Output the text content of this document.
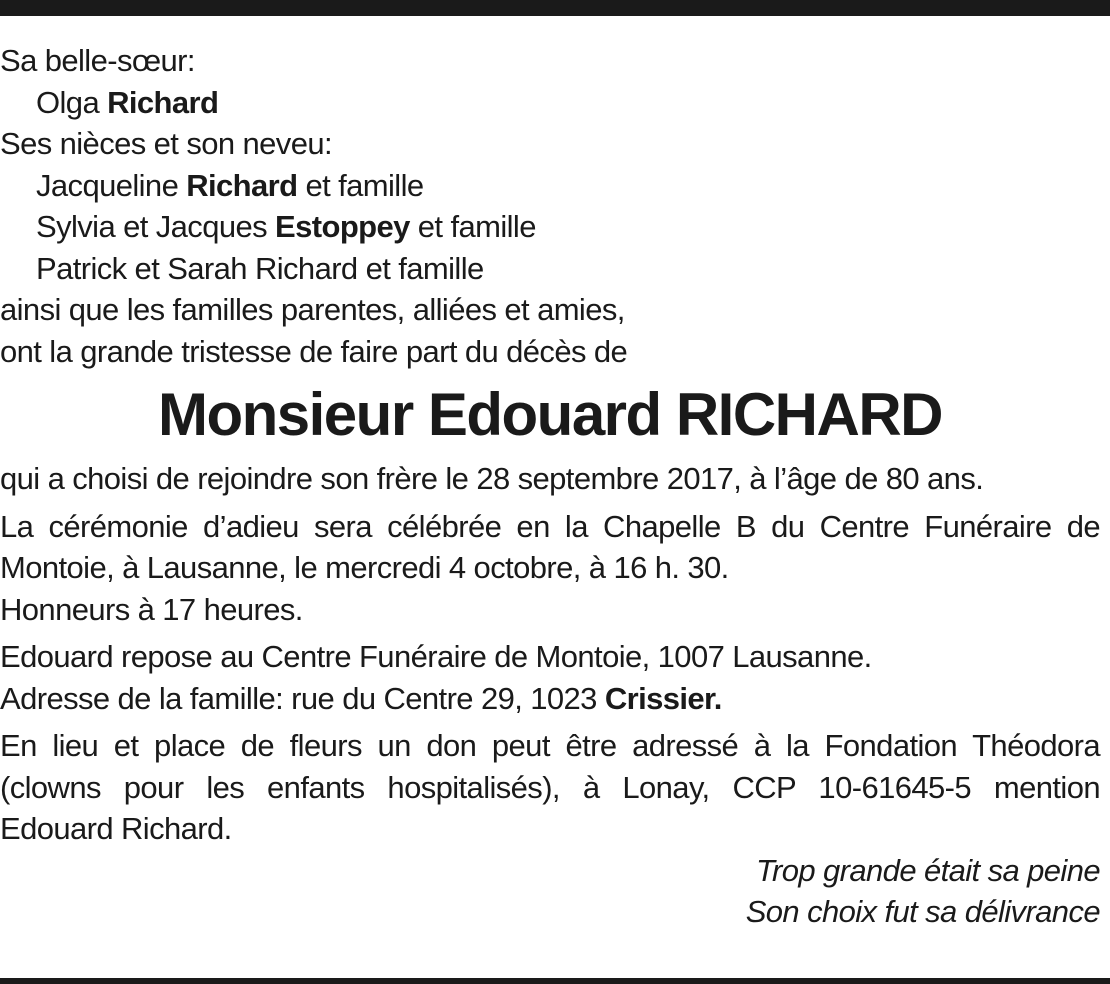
Sa belle-sœur:
Olga Richard
Ses nièces et son neveu:
Jacqueline Richard et famille
Sylvia et Jacques Estoppey et famille
Patrick et Sarah Richard et famille
ainsi que les familles parentes, alliées et amies,
ont la grande tristesse de faire part du décès de
Monsieur Edouard RICHARD
qui a choisi de rejoindre son frère le 28 septembre 2017, à l’âge de 80 ans.
La cérémonie d’adieu sera célébrée en la Chapelle B du Centre Funéraire de
Montoie, à Lausanne, le mercredi 4 octobre, à 16 h. 30.
Honneurs à 17 heures.
Edouard repose au Centre Funéraire de Montoie, 1007 Lausanne.
Adresse de la famille: rue du Centre 29, 1023 Crissier.
En lieu et place de fleurs un don peut être adressé à la Fondation Théodora
(clowns pour les enfants hospitalisés), à Lonay, CCP 10-61645-5 mention
Edouard Richard.
Trop grande était sa peine
Son choix fut sa délivrance
